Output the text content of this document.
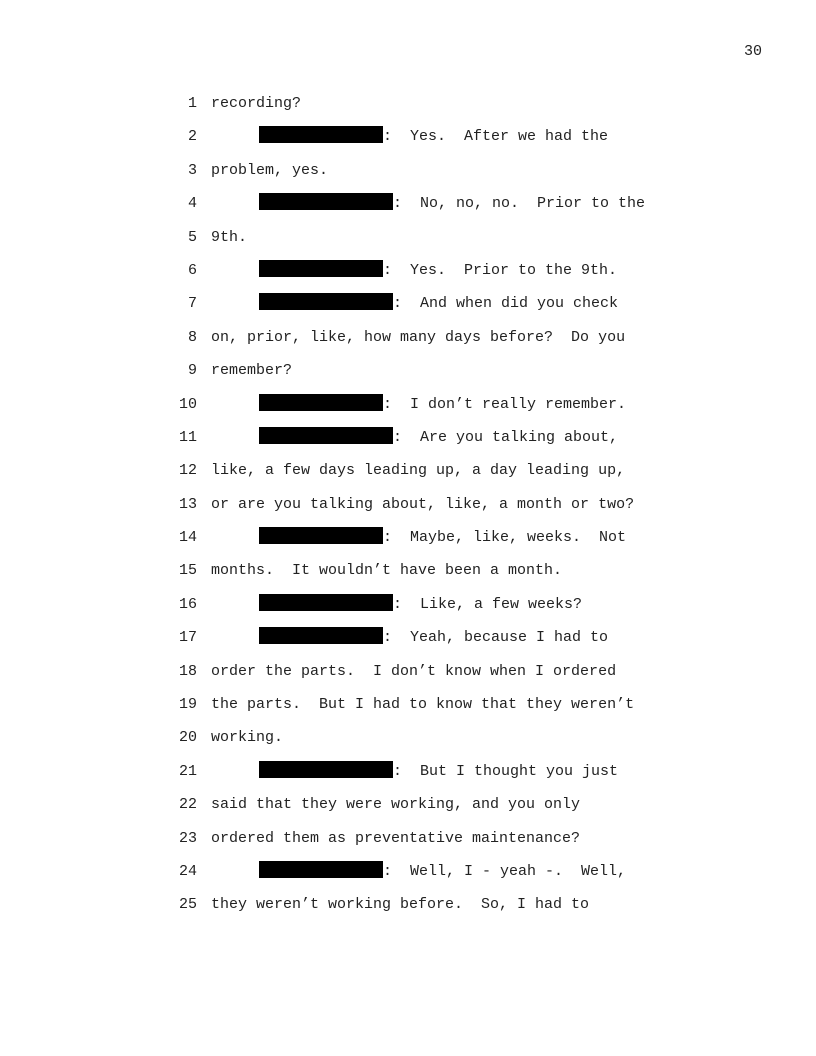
30
1 recording?
2	:  Yes.  After we had the
3 problem, yes.
4	:  No, no, no.  Prior to the
5 9th.
6	:  Yes.  Prior to the 9th.
7	:  And when did you check
8 on, prior, like, how many days before?  Do you
9 remember?
10	:  I don’t really remember.
11	:  Are you talking about,
12 like, a few days leading up, a day leading up,
13 or are you talking about, like, a month or two?
14	:  Maybe, like, weeks.  Not
15 months.  It wouldn’t have been a month.
16	:  Like, a few weeks?
17	:  Yeah, because I had to
18 order the parts.  I don’t know when I ordered
19 the parts.  But I had to know that they weren’t
20 working.
21	:  But I thought you just
22 said that they were working, and you only
23 ordered them as preventative maintenance?
24	:  Well, I - yeah -.  Well,
25 they weren’t working before.  So, I had to
